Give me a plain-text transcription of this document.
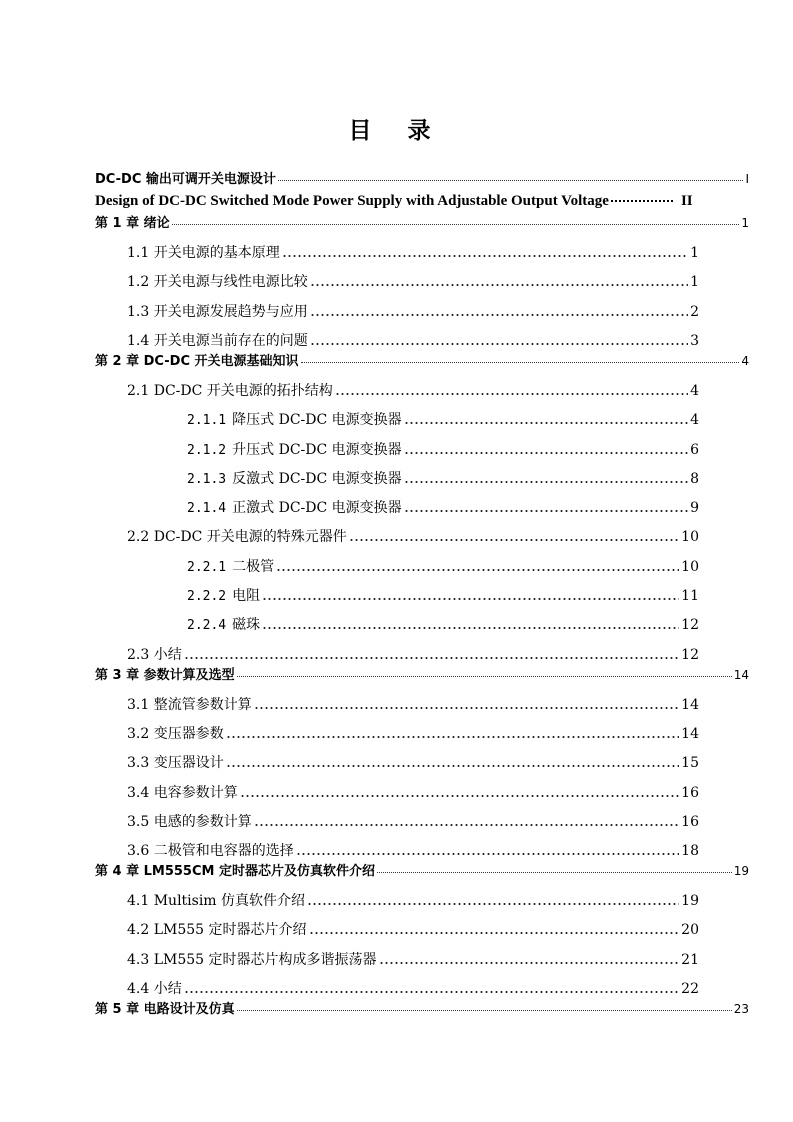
目 录
DC-DC 输出可调开关电源设计	I
Design of DC-DC Switched Mode Power Supply with Adjustable Output Voltage	II
第 1 章 绪论	1
1.1 开关电源的基本原理	1
1.2 开关电源与线性电源比较	1
1.3 开关电源发展趋势与应用	2
1.4 开关电源当前存在的问题	3
第 2 章 DC-DC 开关电源基础知识	4
2.1 DC-DC 开关电源的拓扑结构	4
2.1.1 降压式 DC-DC 电源变换器	4
2.1.2 升压式 DC-DC 电源变换器	6
2.1.3 反激式 DC-DC 电源变换器	8
2.1.4 正激式 DC-DC 电源变换器	9
2.2 DC-DC 开关电源的特殊元器件	10
2.2.1 二极管	10
2.2.2 电阻	11
2.2.4 磁珠	12
2.3 小结	12
第 3 章 参数计算及选型	14
3.1 整流管参数计算	14
3.2 变压器参数	14
3.3 变压器设计	15
3.4 电容参数计算	16
3.5 电感的参数计算	16
3.6 二极管和电容器的选择	18
第 4 章 LM555CM 定时器芯片及仿真软件介绍	19
4.1 Multisim 仿真软件介绍	19
4.2 LM555 定时器芯片介绍	20
4.3 LM555 定时器芯片构成多谐振荡器	21
4.4 小结	22
第 5 章 电路设计及仿真	23
